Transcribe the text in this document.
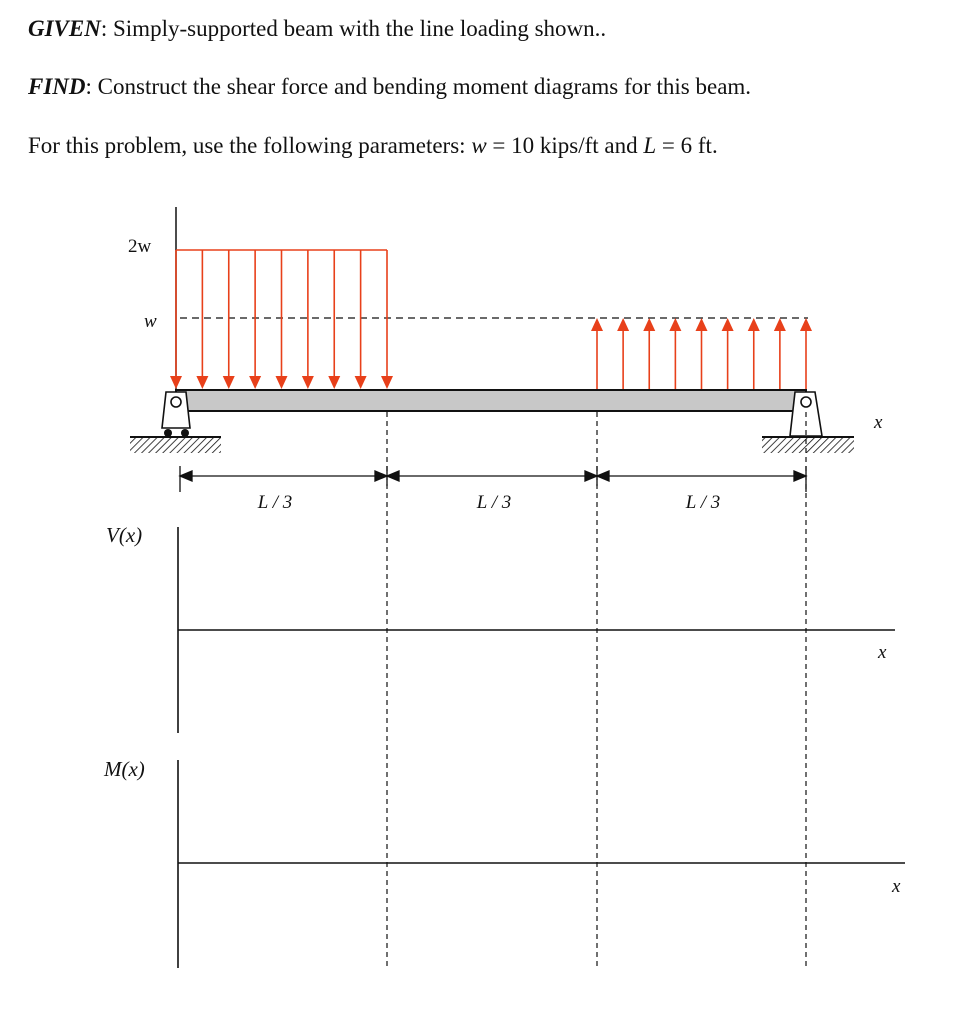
GIVEN: Simply-supported beam with the line loading shown..
FIND: Construct the shear force and bending moment diagrams for this beam.
For this problem, use the following parameters: w = 10 kips/ft and L = 6 ft.
2w
w
x
L / 3	L / 3	L / 3
V(x)
x
M(x)
x
